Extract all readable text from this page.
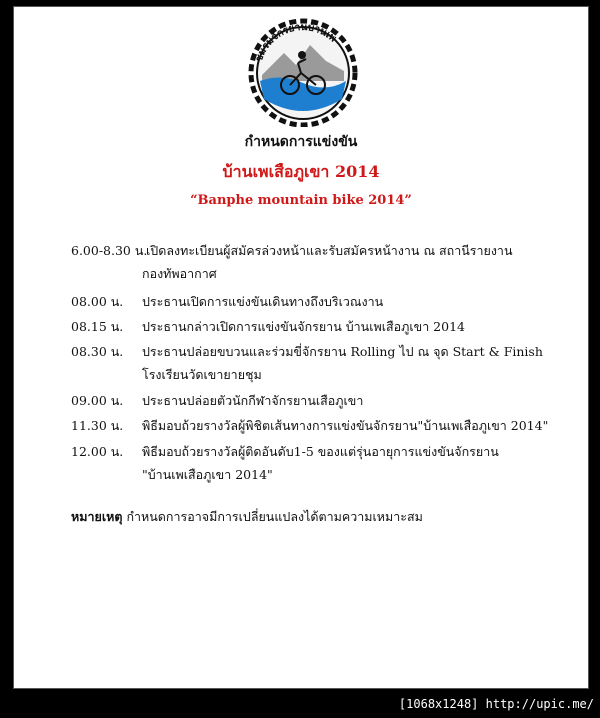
ชมรมจักรยานบ้านเพ
กำหนดการแข่งขัน
บ้านเพเสือภูเขา 2014
“Banphe mountain bike 2014”
6.00-8.30 น.
เปิดลงทะเบียนผู้สมัครล่วงหน้าและรับสมัครหน้างาน ณ สถานีรายงาน
กองทัพอากาศ
08.00 น. ประธานเปิดการแข่งขันเดินทางถึงบริเวณงาน
08.15 น. ประธานกล่าวเปิดการแข่งขันจักรยาน บ้านเพเสือภูเขา 2014
08.30 น. ประธานปล่อยขบวนและร่วมขี่จักรยาน Rolling ไป ณ จุด Start & Finish
โรงเรียนวัดเขายายชุม
09.00 น. ประธานปล่อยตัวนักกีฬาจักรยานเสือภูเขา
11.30 น. พิธีมอบถ้วยรางวัลผู้พิชิตเส้นทางการแข่งขันจักรยาน"บ้านเพเสือภูเขา 2014"
12.00 น. พิธีมอบถ้วยรางวัลผู้ติดอันดับ1-5 ของแต่รุ่นอายุการแข่งขันจักรยาน
"บ้านเพเสือภูเขา 2014"
หมายเหตุ กำหนดการอาจมีการเปลี่ยนแปลงได้ตามความเหมาะสม
[1068x1248] http://upic.me/
